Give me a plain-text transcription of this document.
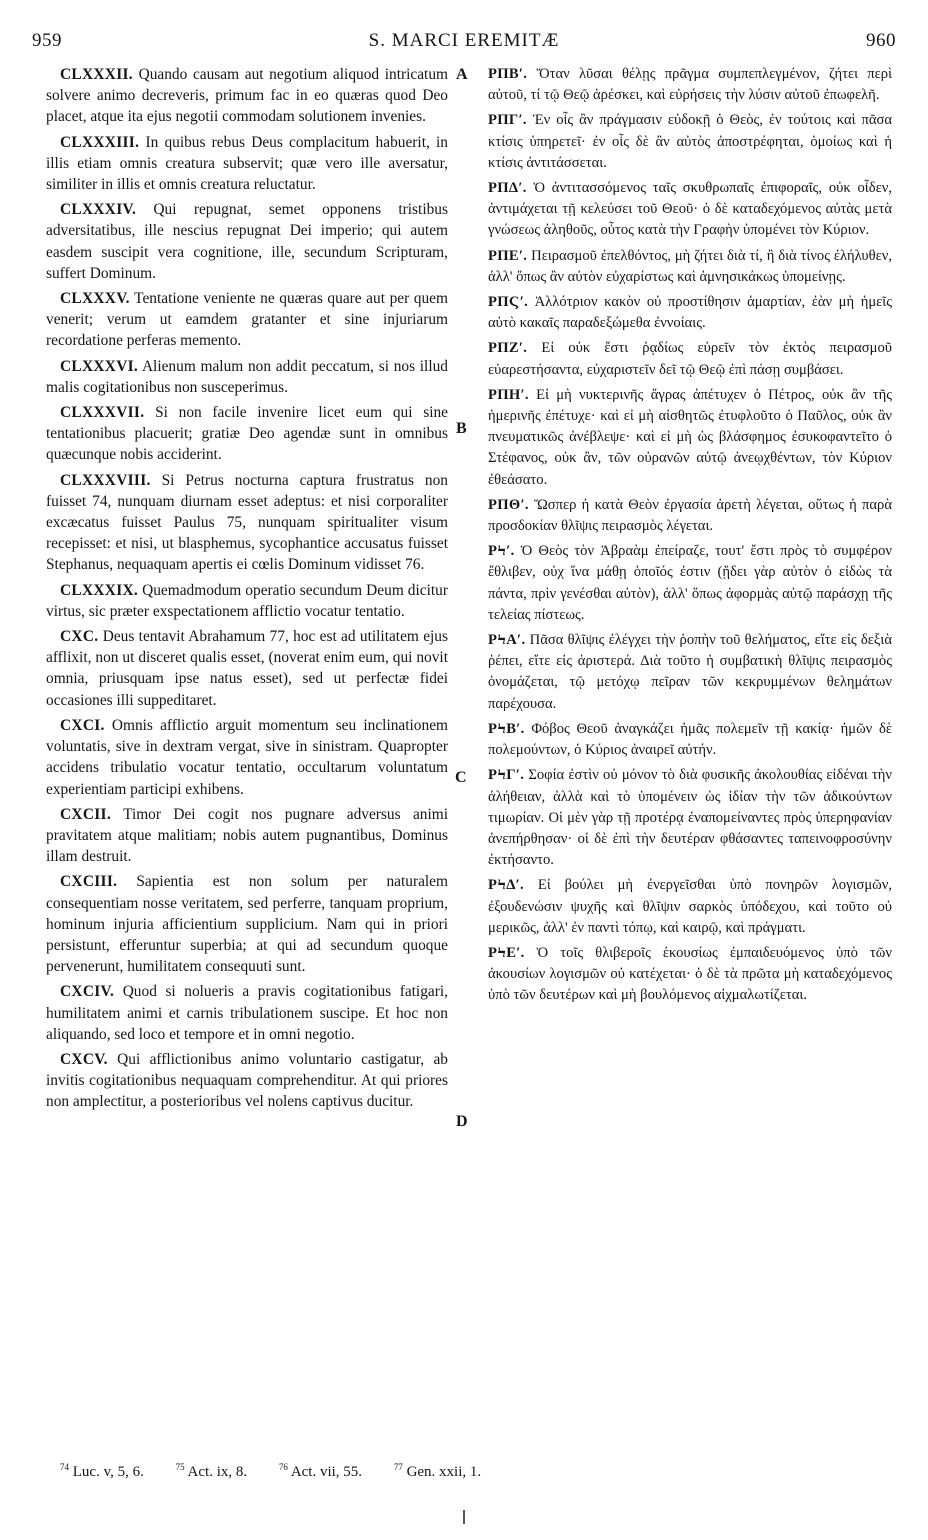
959	S. MARCI EREMITÆ	960
A
B
C
D

CLXXXII. Quando causam aut negotium aliquod intricatum solvere animo decreveris, primum fac in eo quæras quod Deo placet, atque ita ejus negotii commodam solutionem invenies.

CLXXXIII. In quibus rebus Deus complacitum habuerit, in illis etiam omnis creatura subservit; quæ vero ille aversatur, similiter in illis et omnis creatura reluctatur.

CLXXXIV. Qui repugnat, semet opponens tristibus adversitatibus, ille nescius repugnat Dei imperio; qui autem easdem suscipit vera cognitione, ille, secundum Scripturam, suffert Dominum.

CLXXXV. Tentatione veniente ne quæras quare aut per quem venerit; verum ut eamdem gratanter et sine injuriarum recordatione perferas memento.

CLXXXVI. Alienum malum non addit peccatum, si nos illud malis cogitationibus non susceperimus.

CLXXXVII. Si non facile invenire licet eum qui sine tentationibus placuerit; gratiæ Deo agendæ sunt in omnibus quæcunque nobis acciderint.

CLXXXVIII. Si Petrus nocturna captura frustratus non fuisset 74, nunquam diurnam esset adeptus: et nisi corporaliter excæcatus fuisset Paulus 75, nunquam spiritualiter visum recepisset: et nisi, ut blasphemus, sycophantice accusatus fuisset Stephanus, nequaquam apertis ei cœlis Dominum vidisset 76.

CLXXXIX. Quemadmodum operatio secundum Deum dicitur virtus, sic præter exspectationem afflictio vocatur tentatio.

CXC. Deus tentavit Abrahamum 77, hoc est ad utilitatem ejus afflixit, non ut disceret qualis esset, (noverat enim eum, qui novit omnia, priusquam ipse natus esset), sed ut perfectæ fidei occasiones illi suppeditaret.

CXCI. Omnis afflictio arguit momentum seu inclinationem voluntatis, sive in dextram vergat, sive in sinistram. Quapropter accidens tribulatio vocatur tentatio, occultarum voluntatum experientiam participi exhibens.

CXCII. Timor Dei cogit nos pugnare adversus animi pravitatem atque malitiam; nobis autem pugnantibus, Dominus illam destruit.

CXCIII. Sapientia est non solum per naturalem consequentiam nosse veritatem, sed perferre, tanquam proprium, hominum injuria afficientium supplicium. Nam qui in priori persistunt, efferuntur superbia; at qui ad secundum quoque pervenerunt, humilitatem consequuti sunt.

CXCIV. Quod si nolueris a pravis cogitationibus fatigari, humilitatem animi et carnis tribulationem suscipe. Et hoc non aliquando, sed loco et tempore et in omni negotio.

CXCV. Qui afflictionibus animo voluntario castigatur, ab invitis cogitationibus nequaquam comprehenditur. At qui priores non amplectitur, a posterioribus vel nolens captivus ducitur.

ΡΠΒʹ. Ὅταν λῦσαι θέλῃς πρᾶγμα συμπεπλεγμένον, ζήτει περὶ αὐτοῦ, τί τῷ Θεῷ ἀρέσκει, καὶ εὑρήσεις τὴν λύσιν αὐτοῦ ἐπωφελῆ.

ΡΠΓʹ. Ἐν οἷς ἂν πράγμασιν εὐδοκῇ ὁ Θεὸς, ἐν τούτοις καὶ πᾶσα κτίσις ὑπηρετεῖ· ἐν οἷς δὲ ἂν αὐτὸς ἀποστρέφηται, ὁμοίως καὶ ἡ κτίσις ἀντιτάσσεται.

ΡΠΔʹ. Ὁ ἀντιτασσόμενος ταῖς σκυθρωπαῖς ἐπιφοραῖς, οὐκ οἶδεν, ἀντιμάχεται τῇ κελεύσει τοῦ Θεοῦ· ὁ δὲ καταδεχόμενος αὐτὰς μετὰ γνώσεως ἀληθοῦς, οὗτος κατὰ τὴν Γραφὴν ὑπομένει τὸν Κύριον.

ΡΠΕʹ. Πειρασμοῦ ἐπελθόντος, μὴ ζήτει διὰ τί, ἢ διὰ τίνος ἐλήλυθεν, ἀλλ' ὅπως ἂν αὐτὸν εὐχαρίστως καὶ ἀμνησικάκως ὑπομείνῃς.

ΡΠϚʹ. Ἀλλότριον κακὸν οὐ προστίθησιν ἁμαρτίαν, ἐὰν μὴ ἡμεῖς αὐτὸ κακαῖς παραδεξώμεθα ἐννοίαις.

ΡΠΖʹ. Εἰ οὐκ ἔστι ῥᾳδίως εὑρεῖν τὸν ἐκτὸς πειρασμοῦ εὐαρεστήσαντα, εὐχαριστεῖν δεῖ τῷ Θεῷ ἐπὶ πάσῃ συμβάσει.

ΡΠΗʹ. Εἰ μὴ νυκτερινῆς ἄγρας ἀπέτυχεν ὁ Πέτρος, οὐκ ἂν τῆς ἡμερινῆς ἐπέτυχε· καὶ εἰ μὴ αἰσθητῶς ἐτυφλοῦτο ὁ Παῦλος, οὐκ ἂν πνευματικῶς ἀνέβλεψε· καὶ εἰ μὴ ὡς βλάσφημος ἐσυκοφαντεῖτο ὁ Στέφανος, οὐκ ἂν, τῶν οὐρανῶν αὐτῷ ἀνεῳχθέντων, τὸν Κύριον ἐθεάσατο.

ΡΠΘʹ. Ὥσπερ ἡ κατὰ Θεὸν ἐργασία ἀρετὴ λέγεται, οὕτως ἡ παρὰ προσδοκίαν θλῖψις πειρασμὸς λέγεται.

ΡϞʹ. Ὁ Θεὸς τὸν Ἀβραὰμ ἐπείραζε, τουτ' ἔστι πρὸς τὸ συμφέρον ἔθλιβεν, οὐχ ἵνα μάθῃ ὁποῖός ἐστιν (ᾔδει γὰρ αὐτὸν ὁ εἰδὼς τὰ πάντα, πρὶν γενέσθαι αὐτὸν), ἀλλ' ὅπως ἀφορμὰς αὐτῷ παράσχῃ τῆς τελείας πίστεως.

ΡϞΑʹ. Πᾶσα θλῖψις ἐλέγχει τὴν ῥοπὴν τοῦ θελήματος, εἴτε εἰς δεξιὰ ῥέπει, εἴτε εἰς ἀριστερά. Διὰ τοῦτο ἡ συμβατικὴ θλῖψις πειρασμὸς ὀνομάζεται, τῷ μετόχῳ πεῖραν τῶν κεκρυμμένων θελημάτων παρέχουσα.

ΡϞΒʹ. Φόβος Θεοῦ ἀναγκάζει ἡμᾶς πολεμεῖν τῇ κακίᾳ· ἡμῶν δὲ πολεμούντων, ὁ Κύριος ἀναιρεῖ αὐτήν.

ΡϞΓʹ. Σοφία ἐστὶν οὐ μόνον τὸ διὰ φυσικῆς ἀκολουθίας εἰδέναι τὴν ἀλήθειαν, ἀλλὰ καὶ τὸ ὑπομένειν ὡς ἰδίαν τὴν τῶν ἀδικούντων τιμωρίαν. Οἱ μὲν γὰρ τῇ προτέρᾳ ἐναπομείναντες πρὸς ὑπερηφανίαν ἀνεπήρθησαν· οἱ δὲ ἐπὶ τὴν δευτέραν φθάσαντες ταπεινοφροσύνην ἐκτήσαντο.

ΡϞΔʹ. Εἰ βούλει μὴ ἐνεργεῖσθαι ὑπὸ πονηρῶν λογισμῶν, ἐξουδενώσιν ψυχῆς καὶ θλῖψιν σαρκὸς ὑπόδεχου, καὶ τοῦτο οὐ μερικῶς, ἀλλ' ἐν παντὶ τόπῳ, καὶ καιρῷ, καὶ πράγματι.

ΡϞΕʹ. Ὁ τοῖς θλιβεροῖς ἑκουσίως ἐμπαιδευόμενος ὑπὸ τῶν ἀκουσίων λογισμῶν οὐ κατέχεται· ὁ δὲ τὰ πρῶτα μὴ καταδεχόμενος ὑπὸ τῶν δευτέρων καὶ μὴ βουλόμενος αἰχμαλωτίζεται.

$^{74}$ Luc. v, 5, 6.	$^{75}$ Act. ix, 8.	$^{76}$ Act. vii, 55.	$^{77}$ Gen. xxii, 1.
